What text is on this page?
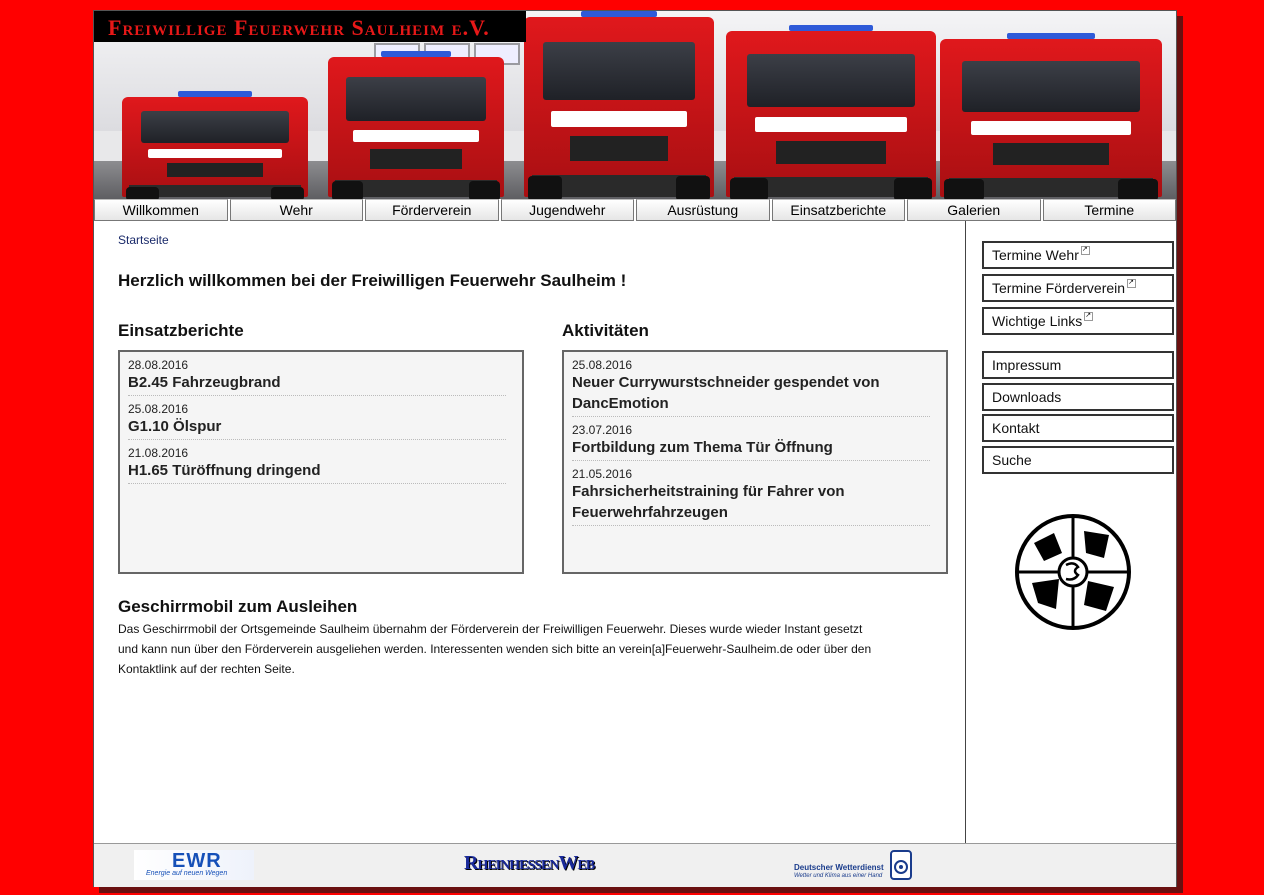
Freiwillige Feuerwehr Saulheim e.V.
Willkommen	Wehr	Förderverein	Jugendwehr	Ausrüstung	Einsatzberichte	Galerien	Termine
Startseite
Herzlich willkommen bei der Freiwilligen Feuerwehr Saulheim !
Einsatzberichte
28.08.2016
B2.45 Fahrzeugbrand
25.08.2016
G1.10 Ölspur
21.08.2016
H1.65 Türöffnung dringend
Aktivitäten
25.08.2016
Neuer Currywurstschneider gespendet von DancEmotion
23.07.2016
Fortbildung zum Thema Tür Öffnung
21.05.2016
Fahrsicherheitstraining für Fahrer von Feuerwehrfahrzeugen
Geschirrmobil zum Ausleihen
Das Geschirrmobil der Ortsgemeinde Saulheim übernahm der Förderverein der Freiwilligen Feuerwehr. Dieses wurde wieder Instant gesetzt
und kann nun über den Förderverein ausgeliehen werden. Interessenten wenden sich bitte an verein[a]Feuerwehr-Saulheim.de oder über den
Kontaktlink auf der rechten Seite.
Termine Wehr ↗
Termine Förderverein ↗
Wichtige Links ↗
Impressum
Downloads
Kontakt
Suche
EWR
Energie auf neuen Wegen	RheinhessenWeb	Deutscher Wetterdienst
Wetter und Klima aus einer Hand
